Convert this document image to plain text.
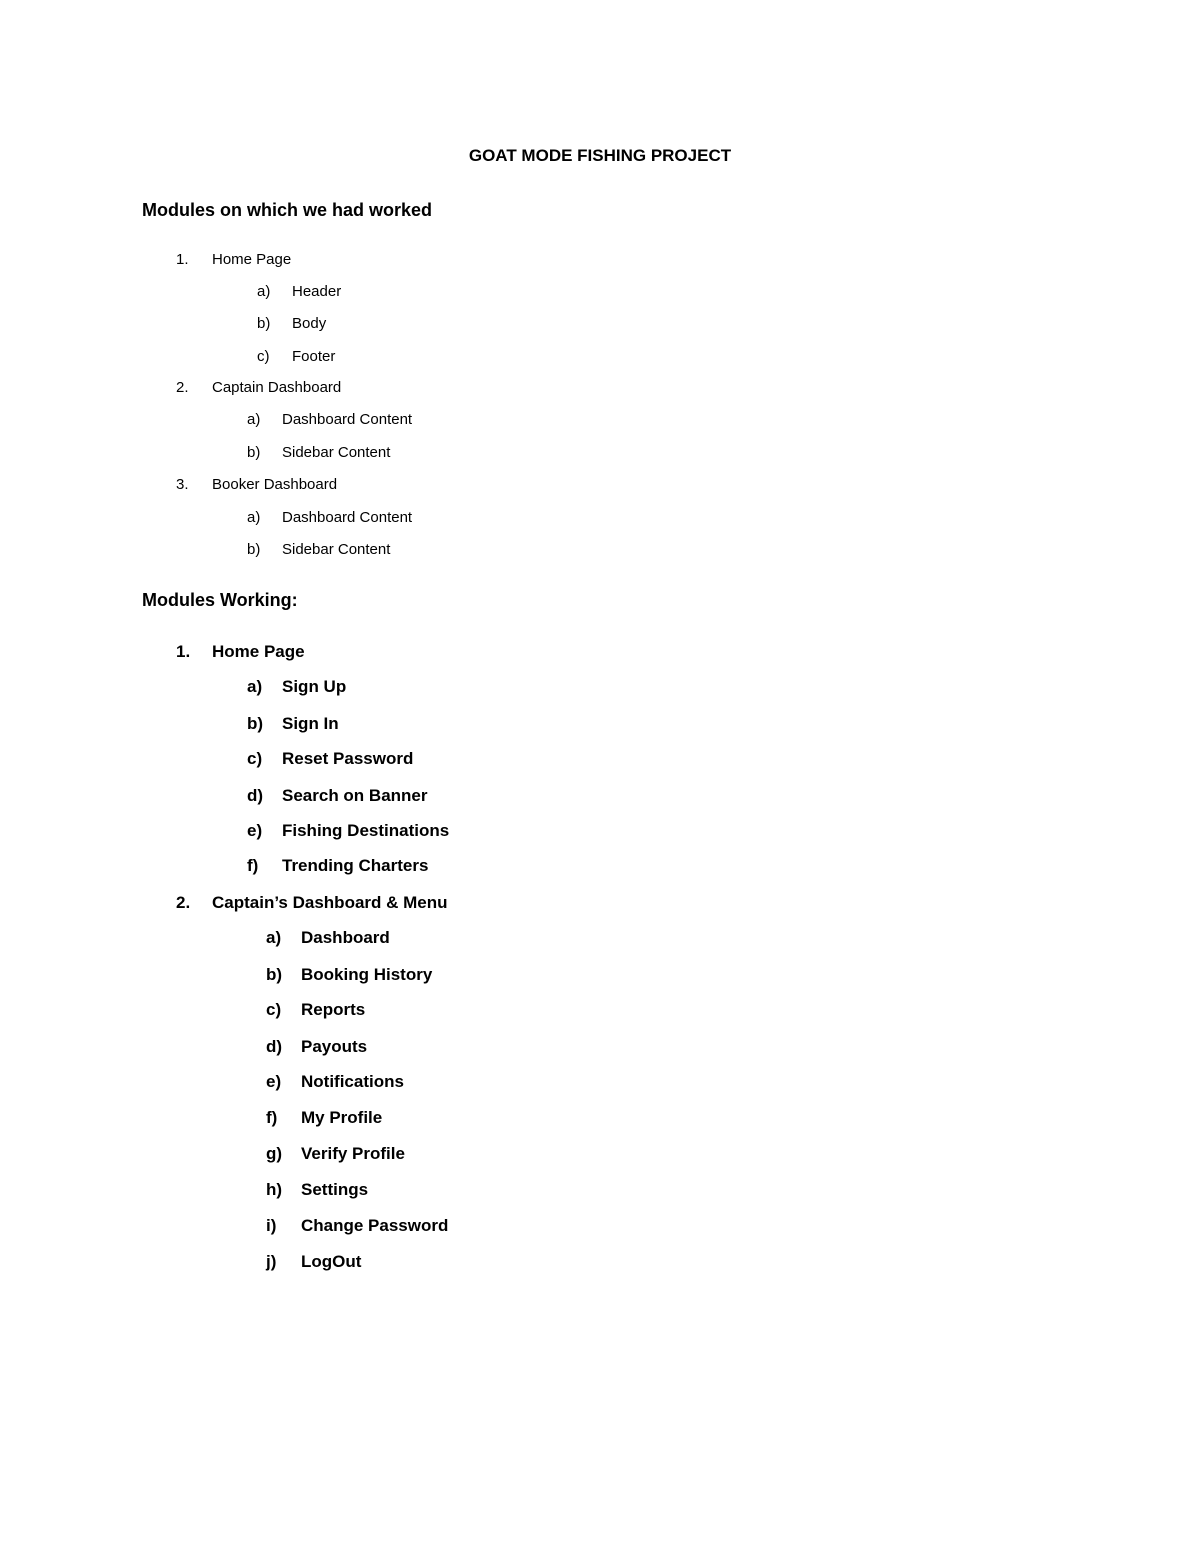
GOAT MODE FISHING PROJECT
Modules on which we had worked
1. Home Page
a) Header
b) Body
c) Footer
2. Captain Dashboard
a) Dashboard Content
b) Sidebar Content
3. Booker Dashboard
a) Dashboard Content
b) Sidebar Content
Modules Working:
1. Home Page
a) Sign Up
b) Sign In
c) Reset Password
d) Search on Banner
e) Fishing Destinations
f) Trending Charters
2. Captain’s Dashboard & Menu
a) Dashboard
b) Booking History
c) Reports
d) Payouts
e) Notifications
f) My Profile
g) Verify Profile
h) Settings
i) Change Password
j) LogOut
